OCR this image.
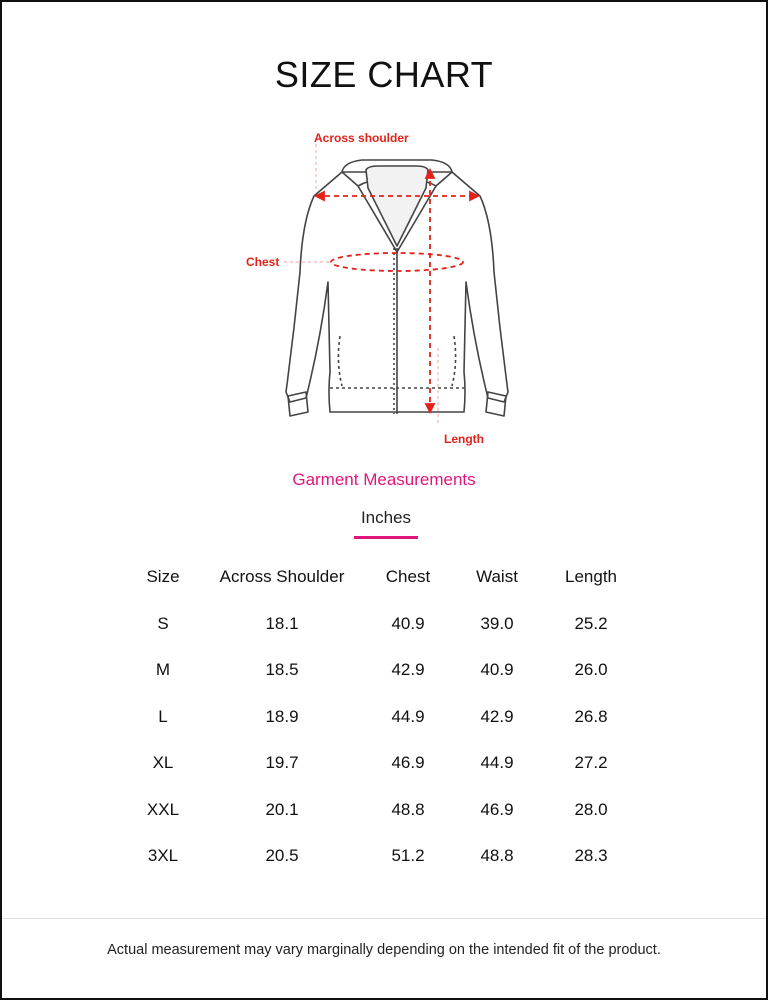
SIZE CHART
Across shoulder
Chest
Length
Garment Measurements
Inches
Size	Across Shoulder	Chest	Waist	Length
S	18.1	40.9	39.0	25.2
M	18.5	42.9	40.9	26.0
L	18.9	44.9	42.9	26.8
XL	19.7	46.9	44.9	27.2
XXL	20.1	48.8	46.9	28.0
3XL	20.5	51.2	48.8	28.3
Actual measurement may vary marginally depending on the intended fit of the product.
